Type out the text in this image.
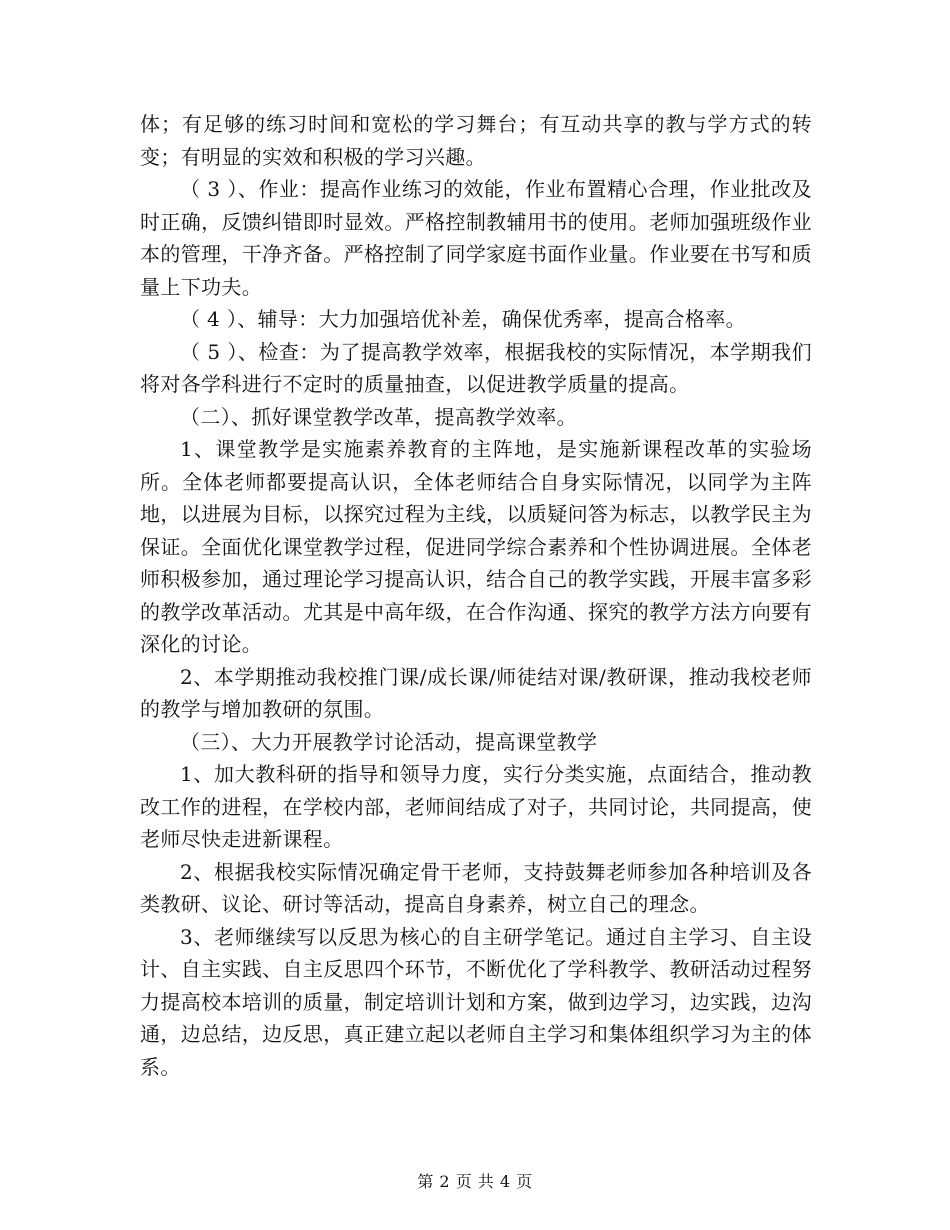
体；有足够的练习时间和宽松的学习舞台；有互动共享的教与学方式的转变；有明显的实效和积极的学习兴趣。

（ 3 ）、作业：提高作业练习的效能，作业布置精心合理，作业批改及时正确，反馈纠错即时显效。严格控制教辅用书的使用。老师加强班级作业本的管理，干净齐备。严格控制了同学家庭书面作业量。作业要在书写和质量上下功夫。

（ 4 ）、辅导：大力加强培优补差，确保优秀率，提高合格率。

（ 5 ）、检查：为了提高教学效率，根据我校的实际情况，本学期我们将对各学科进行不定时的质量抽查，以促进教学质量的提高。

（二）、抓好课堂教学改革，提高教学效率。

1、课堂教学是实施素养教育的主阵地，是实施新课程改革的实验场所。全体老师都要提高认识，全体老师结合自身实际情况，以同学为主阵地，以进展为目标，以探究过程为主线，以质疑问答为标志，以教学民主为保证。全面优化课堂教学过程，促进同学综合素养和个性协调进展。全体老师积极参加，通过理论学习提高认识，结合自己的教学实践，开展丰富多彩的教学改革活动。尤其是中高年级，在合作沟通、探究的教学方法方向要有深化的讨论。

2、本学期推动我校推门课/成长课/师徒结对课/教研课，推动我校老师的教学与增加教研的氛围。

（三）、大力开展教学讨论活动，提高课堂教学

1、加大教科研的指导和领导力度，实行分类实施，点面结合，推动教改工作的进程，在学校内部，老师间结成了对子，共同讨论，共同提高，使老师尽快走进新课程。

2、根据我校实际情况确定骨干老师，支持鼓舞老师参加各种培训及各类教研、议论、研讨等活动，提高自身素养，树立自己的理念。

3、老师继续写以反思为核心的自主研学笔记。通过自主学习、自主设计、自主实践、自主反思四个环节，不断优化了学科教学、教研活动过程努力提高校本培训的质量，制定培训计划和方案，做到边学习，边实践，边沟通，边总结，边反思，真正建立起以老师自主学习和集体组织学习为主的体系。

第 2 页 共 4 页
